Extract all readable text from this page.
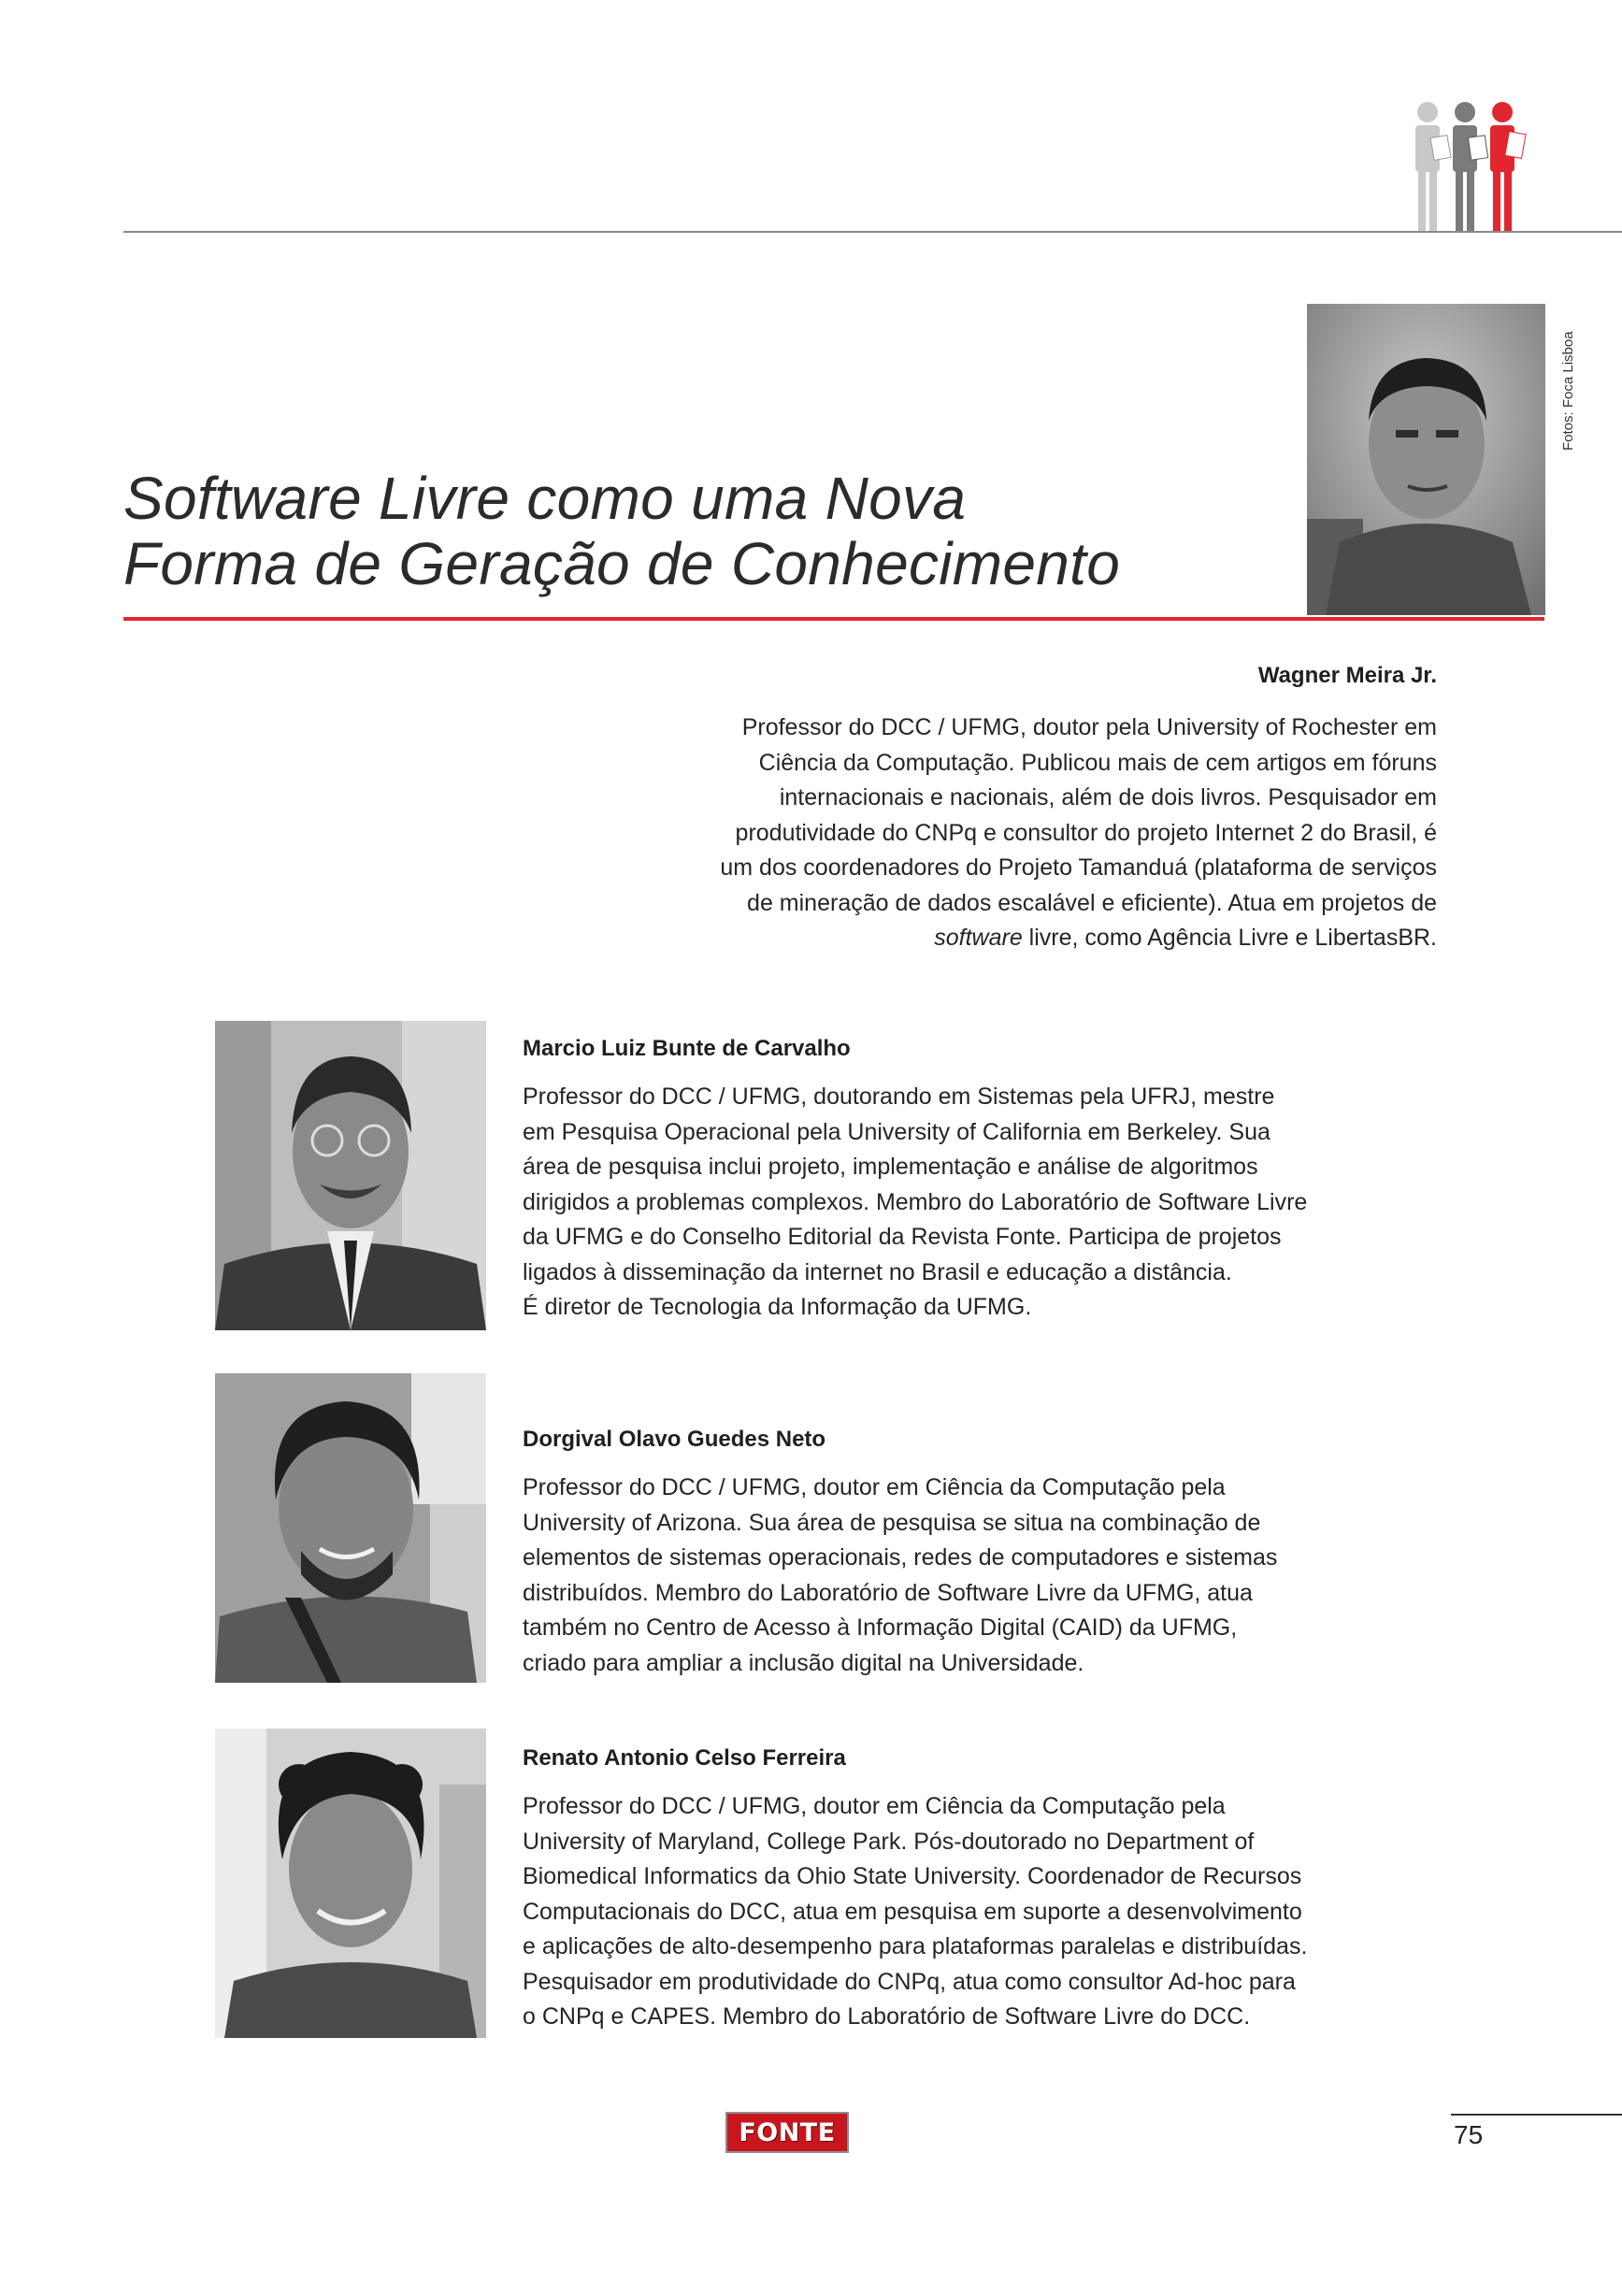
Fotos: Foca Lisboa
Software Livre como uma Nova
Forma de Geração de Conhecimento
Wagner Meira Jr.
Professor do DCC / UFMG, doutor pela University of Rochester em
Ciência da Computação. Publicou mais de cem artigos em fóruns
internacionais e nacionais, além de dois livros. Pesquisador em
produtividade do CNPq e consultor do projeto Internet 2 do Brasil, é
um dos coordenadores do Projeto Tamanduá (plataforma de serviços
de mineração de dados escalável e eficiente). Atua em projetos de
software livre, como Agência Livre e LibertasBR.
Marcio Luiz Bunte de Carvalho
Professor do DCC / UFMG, doutorando em Sistemas pela UFRJ, mestre
em Pesquisa Operacional pela University of California em Berkeley. Sua
área de pesquisa inclui projeto, implementação e análise de algoritmos
dirigidos a problemas complexos. Membro do Laboratório de Software Livre
da UFMG e do Conselho Editorial da Revista Fonte. Participa de projetos
ligados à disseminação da internet no Brasil e educação a distância.
É diretor de Tecnologia da Informação da UFMG.
Dorgival Olavo Guedes Neto
Professor do DCC / UFMG, doutor em Ciência da Computação pela
University of Arizona. Sua área de pesquisa se situa na combinação de
elementos de sistemas operacionais, redes de computadores e sistemas
distribuídos. Membro do Laboratório de Software Livre da UFMG, atua
também no Centro de Acesso à Informação Digital (CAID) da UFMG,
criado para ampliar a inclusão digital na Universidade.
Renato Antonio Celso Ferreira
Professor do DCC / UFMG, doutor em Ciência da Computação pela
University of Maryland, College Park. Pós-doutorado no Department of
Biomedical Informatics da Ohio State University. Coordenador de Recursos
Computacionais do DCC, atua em pesquisa em suporte a desenvolvimento
e aplicações de alto-desempenho para plataformas paralelas e distribuídas.
Pesquisador em produtividade do CNPq, atua como consultor Ad-hoc para
o CNPq e CAPES. Membro do Laboratório de Software Livre do DCC.
FONTE	75
